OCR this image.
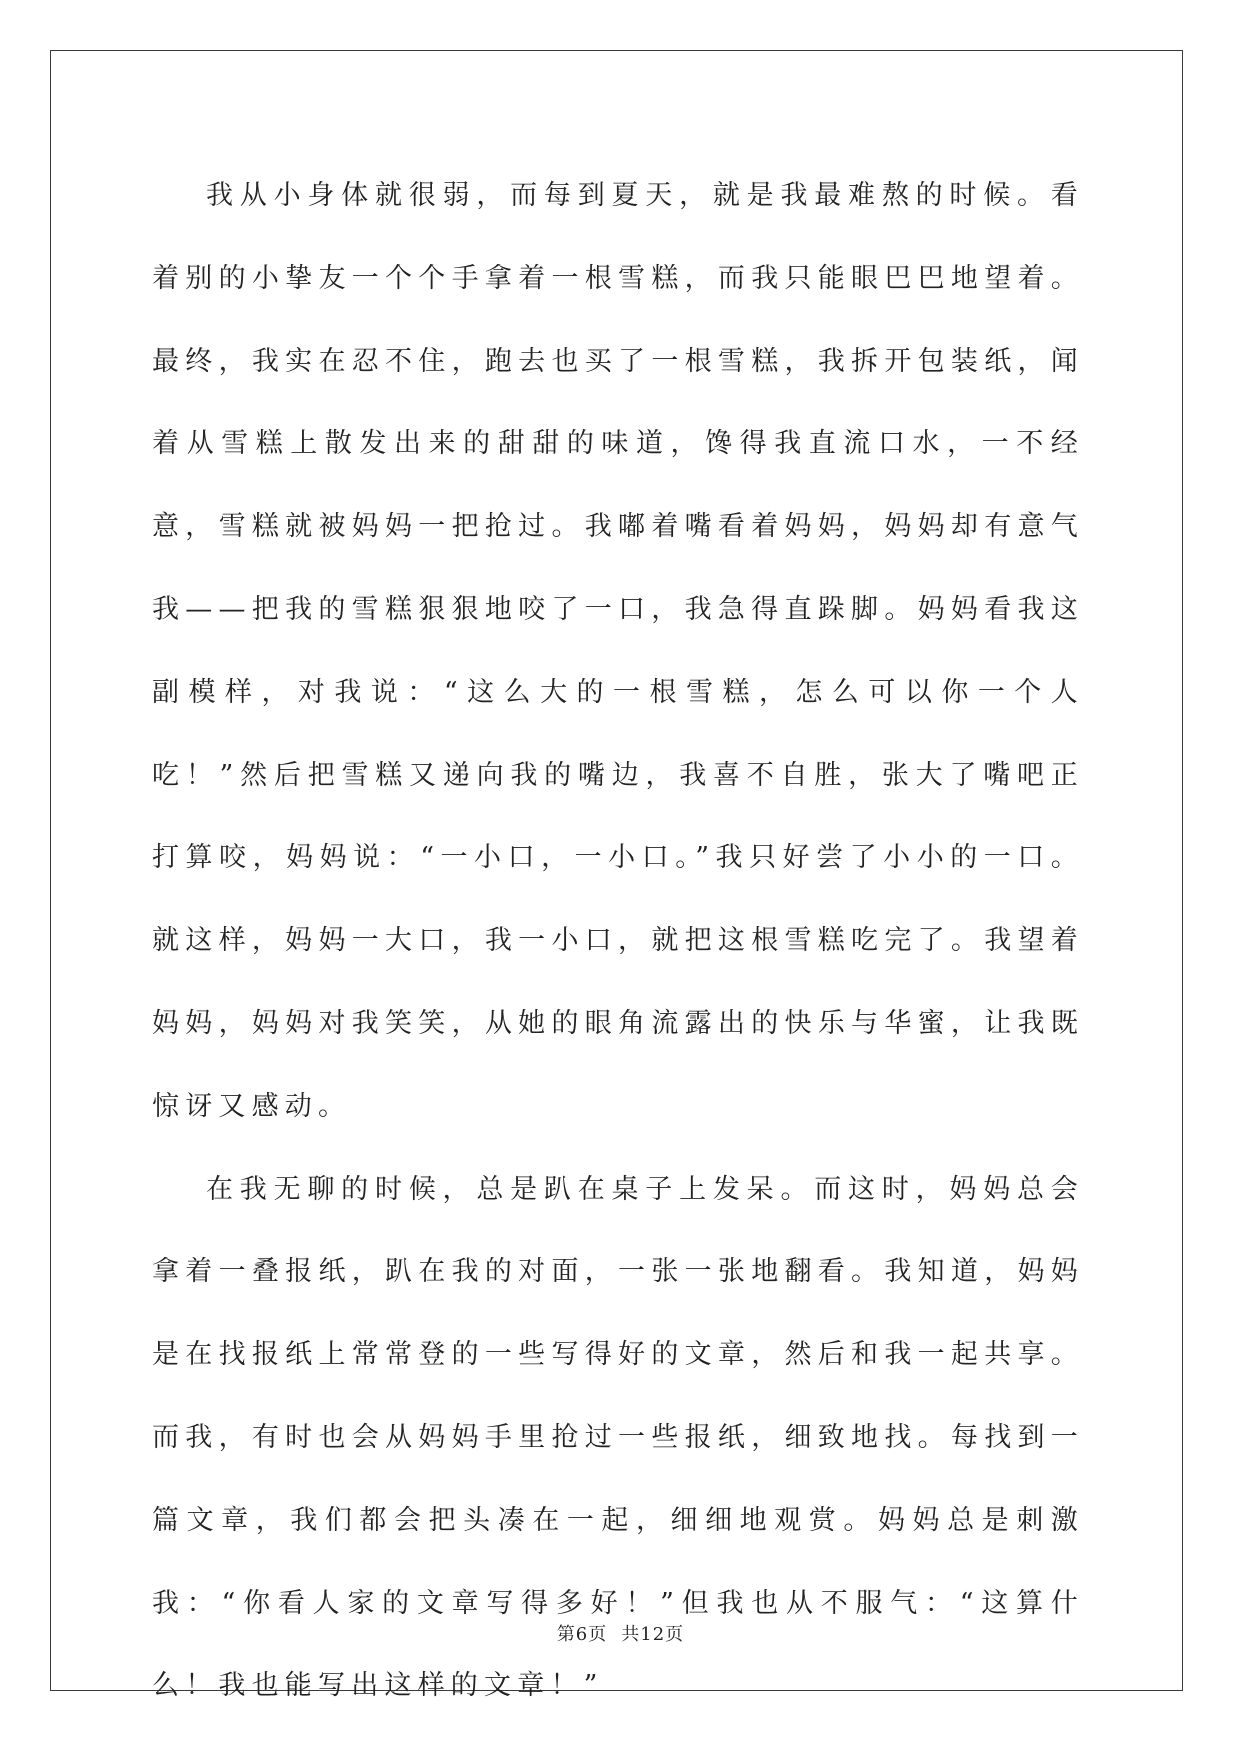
我从小身体就很弱，而每到夏天，就是我最难熬的时候。看着别的小挚友一个个手拿着一根雪糕，而我只能眼巴巴地望着。最终，我实在忍不住，跑去也买了一根雪糕，我拆开包装纸，闻着从雪糕上散发出来的甜甜的味道，馋得我直流口水，一不经意，雪糕就被妈妈一把抢过。我嘟着嘴看着妈妈，妈妈却有意气我——把我的雪糕狠狠地咬了一口，我急得直跺脚。妈妈看我这副模样，对我说：“这么大的一根雪糕，怎么可以你一个人吃！”然后把雪糕又递向我的嘴边，我喜不自胜，张大了嘴吧正打算咬，妈妈说：“一小口，一小口。”我只好尝了小小的一口。就这样，妈妈一大口，我一小口，就把这根雪糕吃完了。我望着妈妈，妈妈对我笑笑，从她的眼角流露出的快乐与华蜜，让我既惊讶又感动。

在我无聊的时候，总是趴在桌子上发呆。而这时，妈妈总会拿着一叠报纸，趴在我的对面，一张一张地翻看。我知道，妈妈是在找报纸上常常登的一些写得好的文章，然后和我一起共享。而我，有时也会从妈妈手里抢过一些报纸，细致地找。每找到一篇文章，我们都会把头凑在一起，细细地观赏。妈妈总是刺激我：“你看人家的文章写得多好！”但我也从不服气：“这算什么！我也能写出这样的文章！”

第6页 共12页
